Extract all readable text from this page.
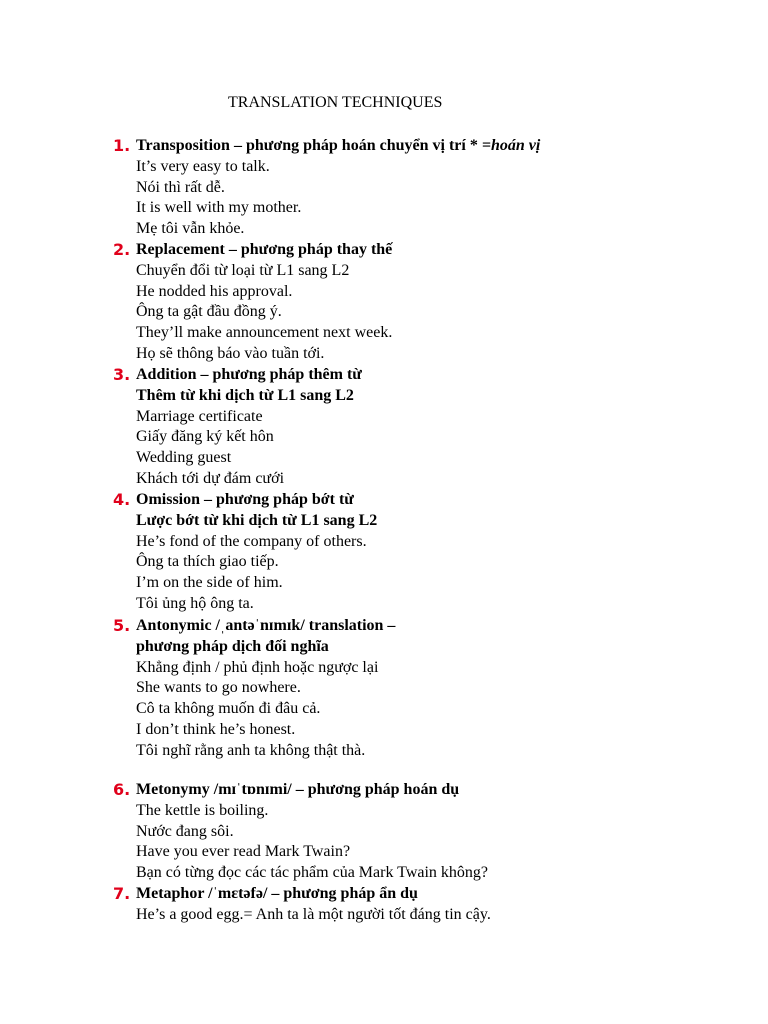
TRANSLATION TECHNIQUES
1. Transposition – phương pháp hoán chuyển vị trí * =hoán vị
It’s very easy to talk.
Nói thì rất dễ.
It is well with my mother.
Mẹ tôi vẫn khỏe.
2. Replacement – phương pháp thay thế
Chuyển đổi từ loại từ L1 sang L2
He nodded his approval.
Ông ta gật đầu đồng ý.
They’ll make announcement next week.
Họ sẽ thông báo vào tuần tới.
3. Addition – phương pháp thêm từ
Thêm từ khi dịch từ L1 sang L2
Marriage certificate
Giấy đăng ký kết hôn
Wedding guest
Khách tới dự đám cưới
4. Omission – phương pháp bớt từ
Lược bớt từ khi dịch từ L1 sang L2
He’s fond of the company of others.
Ông ta thích giao tiếp.
I’m on the side of him.
Tôi ủng hộ ông ta.
5. Antonymic /ˌantəˈnɪmɪk/ translation –
phương pháp dịch đối nghĩa
Khẳng định / phủ định hoặc ngược lại
She wants to go nowhere.
Cô ta không muốn đi đâu cả.
I don’t think he’s honest.
Tôi nghĩ rằng anh ta không thật thà.
6. Metonymy /mɪˈtɒnɪmi/ – phương pháp hoán dụ
The kettle is boiling.
Nước đang sôi.
Have you ever read Mark Twain?
Bạn có từng đọc các tác phẩm của Mark Twain không?
7. Metaphor /ˈmɛtəfə/ – phương pháp ẩn dụ
He’s a good egg.= Anh ta là một người tốt đáng tin cậy.
